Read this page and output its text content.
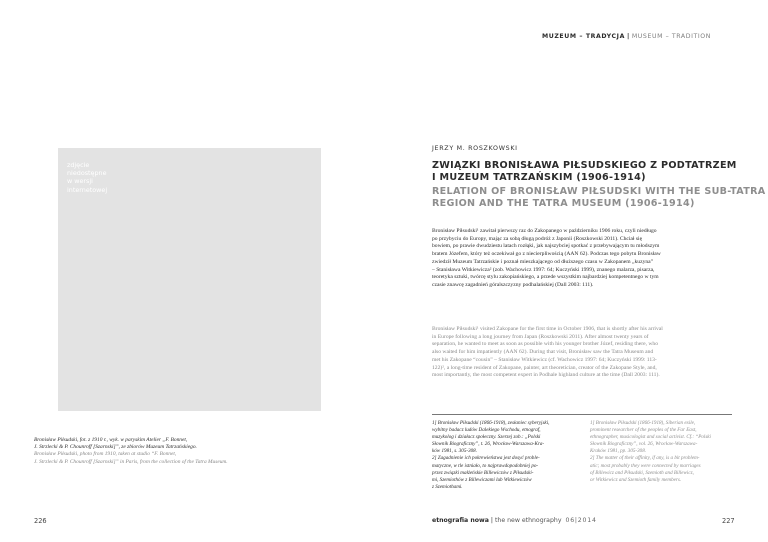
MUZEUM – TRADYCJA | MUSEUM – TRADITION
zdjęcie
niedostępne
w wersji
internetowej

Bronisław Piłsudski, fot. z 1910 r., wyk. w paryskim Atelier „F. Bonnet,

J. Strzlecki & P. Chounroff [Szarnski]”, ze zbiorów Muzeum Tatrzańskiego.

Bronisław Piłsudski, photo from 1910, taken at studio “F. Bonnet,

J. Strzlecki & P. Chounroff [Szarnski]” in Paris, from the collection of the Tatra Museum.

226	227
JERZY M. ROSZKOWSKI
ZWIĄZKI BRONISŁAWA PIŁSUDSKIEGO Z PODTATRZEM
I MUZEUM TATRZAŃSKIM (1906-1914)
RELATION OF BRONISŁAW PIŁSUDSKI WITH THE SUB-TATRA
REGION AND THE TATRA MUSEUM (1906-1914)
Bronisław Piłsudski¹ zawitał pierwszy raz do Zakopanego w październiku 1906 roku, czyli niedługo
po przybyciu do Europy, mając za sobą długą podróż z Japonii (Roszkowski 2011). Chciał się
bowiem, po prawie dwudziestu latach rozłąki, jak najszybciej spotkać z przebywającym tu młodszym
bratem Józefem, który też oczekiwał go z niecierpliwością (AAN 62). Podczas tego pobytu Bronisław
zwiedził Muzeum Tatrzańskie i poznał mieszkającego od dłuższego czasu w Zakopanem „kuzyna”
– Stanisława Witkiewicza² (zob. Wachowicz 1997: 64; Kuczyński 1999), znanego malarza, pisarza,
teoretyka sztuki, twórcę stylu zakopiańskiego, a przede wszystkim najbardziej kompetentnego w tym
czasie znawcę zagadnień góralszczyzny podhalańskiej (Dall 2003: 111).
Bronisław Piłsudski¹ visited Zakopane for the first time in October 1906, that is shortly after his arrival
in Europe following a long journey from Japan (Roszkowski 2011). After almost twenty years of
separation, he wanted to meet as soon as possible with his younger brother Józef, residing there, who
also waited for him impatiently (AAN 62). During that visit, Bronisław saw the Tatra Museum and
met his Zakopane “cousin” – Stanisław Witkiewicz (cf. Wachowicz 1997: 64; Kuczyński 1999: 113-
122)², a long-time resident of Zakopane, painter, art theoretician, creator of the Zakopane Style, and,
most importantly, the most competent expert in Podhale highland culture at the time (Dall 2003: 111).
1] Bronisław Piłsudski (1866-1918), zesłaniec syberyjski,
wybitny badacz ludów Dalekiego Wschodu, etnograf,
muzykolog i działacz społeczny. Szerzej zob.: „Polski
Słownik Biograficzny”, t. 26, Wrocław-Warszawa-Kra-
ków 1981, s. 305-308.
2] Zagadnienie ich pokrewieństwa jest dosyć proble-
matyczne, w tle istniało, to najprawdopodobniej po-
przez związki małżeńskie Billewiczów z Piłsudski-
mi, Szemiothów z Billewiczami lub Witkiewiczów
z Szemiothami.
1] Bronisław Piłsudski (1866-1918), Siberian exile,
prominent researcher of the peoples of the Far East,
ethnographer, musicologist and social activist. Cf.: “Polski
Słownik Biograficzny”, vol. 26, Wrocław-Warszawa-
Kraków 1981, pp. 305-308.
2] The matter of their affinity, if any, is a bit problem-
atic; most probably they were connected by marriages
of Billewicz and Piłsudski, Szemioth and Billewicz,
or Witkiewicz and Szemioth family members.
etnografia nowa | the new ethnography 06|2014
